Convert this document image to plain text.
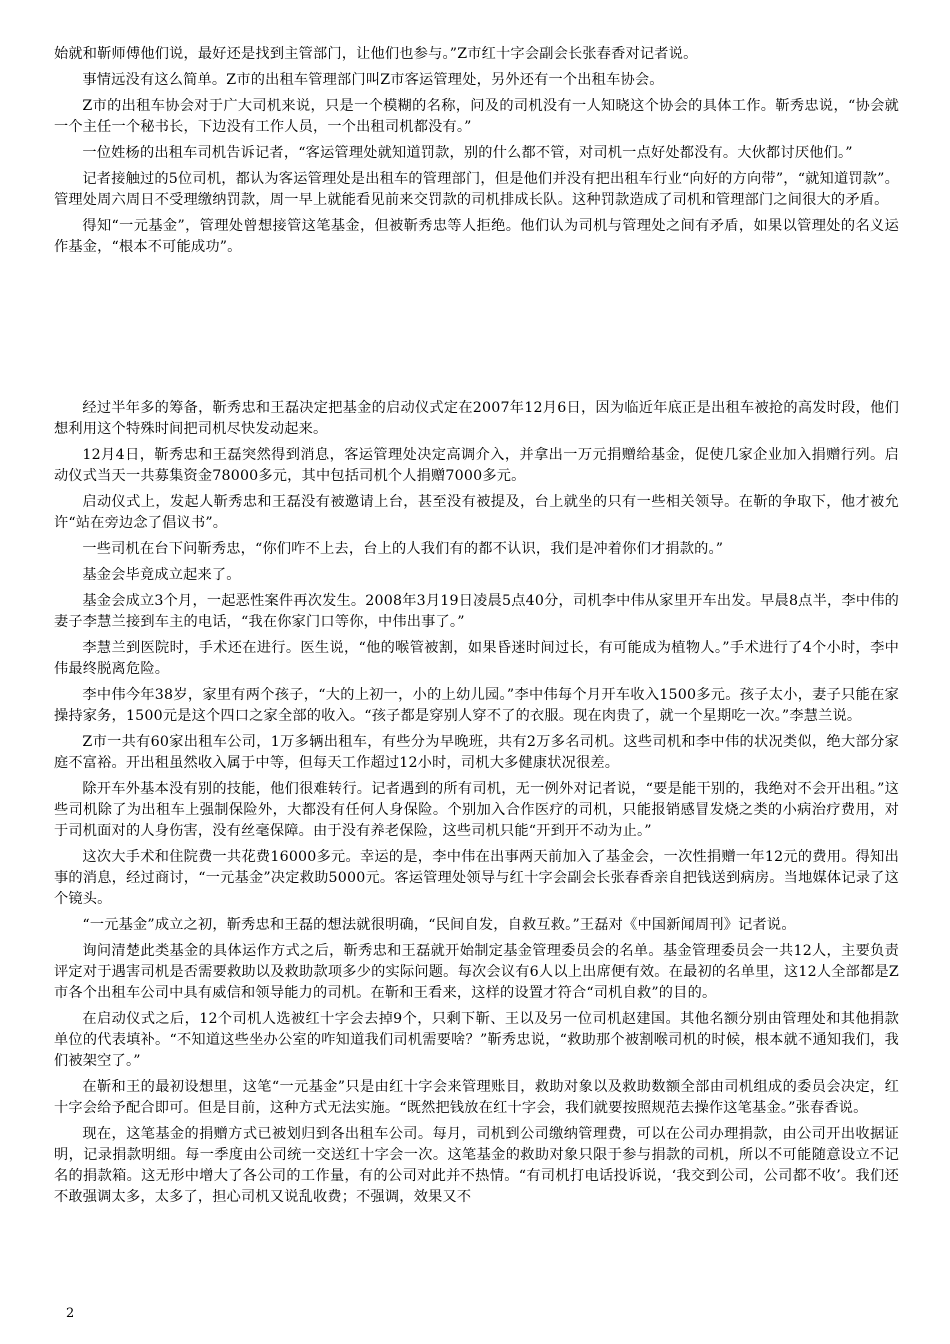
始就和靳师傅他们说，最好还是找到主管部门，让他们也参与。”Z市红十字会副会长张春香对记者说。

事情远没有这么简单。Z市的出租车管理部门叫Z市客运管理处，另外还有一个出租车协会。

Z市的出租车协会对于广大司机来说，只是一个模糊的名称，问及的司机没有一人知晓这个协会的具体工作。靳秀忠说，“协会就一个主任一个秘书长，下边没有工作人员，一个出租司机都没有。”

一位姓杨的出租车司机告诉记者，“客运管理处就知道罚款，别的什么都不管，对司机一点好处都没有。大伙都讨厌他们。”

记者接触过的5位司机，都认为客运管理处是出租车的管理部门，但是他们并没有把出租车行业“向好的方向带”，“就知道罚款”。管理处周六周日不受理缴纳罚款，周一早上就能看见前来交罚款的司机排成长队。这种罚款造成了司机和管理部门之间很大的矛盾。

得知“一元基金”，管理处曾想接管这笔基金，但被靳秀忠等人拒绝。他们认为司机与管理处之间有矛盾，如果以管理处的名义运作基金，“根本不可能成功”。

经过半年多的筹备，靳秀忠和王磊决定把基金的启动仪式定在2007年12月6日，因为临近年底正是出租车被抢的高发时段，他们想利用这个特殊时间把司机尽快发动起来。

12月4日，靳秀忠和王磊突然得到消息，客运管理处决定高调介入，并拿出一万元捐赠给基金，促使几家企业加入捐赠行列。启动仪式当天一共募集资金78000多元，其中包括司机个人捐赠7000多元。

启动仪式上，发起人靳秀忠和王磊没有被邀请上台，甚至没有被提及，台上就坐的只有一些相关领导。在靳的争取下，他才被允许“站在旁边念了倡议书”。

一些司机在台下问靳秀忠，“你们咋不上去，台上的人我们有的都不认识，我们是冲着你们才捐款的。”

基金会毕竟成立起来了。

基金会成立3个月，一起恶性案件再次发生。2008年3月19日凌晨5点40分，司机李中伟从家里开车出发。早晨8点半，李中伟的妻子李慧兰接到车主的电话，“我在你家门口等你，中伟出事了。”

李慧兰到医院时，手术还在进行。医生说，“他的喉管被割，如果昏迷时间过长，有可能成为植物人。”手术进行了4个小时，李中伟最终脱离危险。

李中伟今年38岁，家里有两个孩子，“大的上初一，小的上幼儿园。”李中伟每个月开车收入1500多元。孩子太小，妻子只能在家操持家务，1500元是这个四口之家全部的收入。“孩子都是穿别人穿不了的衣服。现在肉贵了，就一个星期吃一次。”李慧兰说。

Z市一共有60家出租车公司，1万多辆出租车，有些分为早晚班，共有2万多名司机。这些司机和李中伟的状况类似，绝大部分家庭不富裕。开出租虽然收入属于中等，但每天工作超过12小时，司机大多健康状况很差。

除开车外基本没有别的技能，他们很难转行。记者遇到的所有司机，无一例外对记者说，“要是能干别的，我绝对不会开出租。”这些司机除了为出租车上强制保险外，大都没有任何人身保险。个别加入合作医疗的司机，只能报销感冒发烧之类的小病治疗费用，对于司机面对的人身伤害，没有丝毫保障。由于没有养老保险，这些司机只能“开到开不动为止。”

这次大手术和住院费一共花费16000多元。幸运的是，李中伟在出事两天前加入了基金会，一次性捐赠一年12元的费用。得知出事的消息，经过商讨，“一元基金”决定救助5000元。客运管理处领导与红十字会副会长张春香亲自把钱送到病房。当地媒体记录了这个镜头。

“一元基金”成立之初，靳秀忠和王磊的想法就很明确，“民间自发，自救互救。”王磊对《中国新闻周刊》记者说。

询问清楚此类基金的具体运作方式之后，靳秀忠和王磊就开始制定基金管理委员会的名单。基金管理委员会一共12人，主要负责评定对于遇害司机是否需要救助以及救助款项多少的实际问题。每次会议有6人以上出席便有效。在最初的名单里，这12人全部都是Z市各个出租车公司中具有威信和领导能力的司机。在靳和王看来，这样的设置才符合“司机自救”的目的。

在启动仪式之后，12个司机人选被红十字会去掉9个，只剩下靳、王以及另一位司机赵建国。其他名额分别由管理处和其他捐款单位的代表填补。“不知道这些坐办公室的咋知道我们司机需要啥？”靳秀忠说，“救助那个被割喉司机的时候，根本就不通知我们，我们被架空了。”

在靳和王的最初设想里，这笔“一元基金”只是由红十字会来管理账目，救助对象以及救助数额全部由司机组成的委员会决定，红十字会给予配合即可。但是目前，这种方式无法实施。“既然把钱放在红十字会，我们就要按照规范去操作这笔基金。”张春香说。

现在，这笔基金的捐赠方式已被划归到各出租车公司。每月，司机到公司缴纳管理费，可以在公司办理捐款，由公司开出收据证明，记录捐款明细。每一季度由公司统一交送红十字会一次。这笔基金的救助对象只限于参与捐款的司机，所以不可能随意设立不记名的捐款箱。这无形中增大了各公司的工作量，有的公司对此并不热情。“有司机打电话投诉说，‘我交到公司，公司都不收’。我们还不敢强调太多，太多了，担心司机又说乱收费；不强调，效果又不

2
